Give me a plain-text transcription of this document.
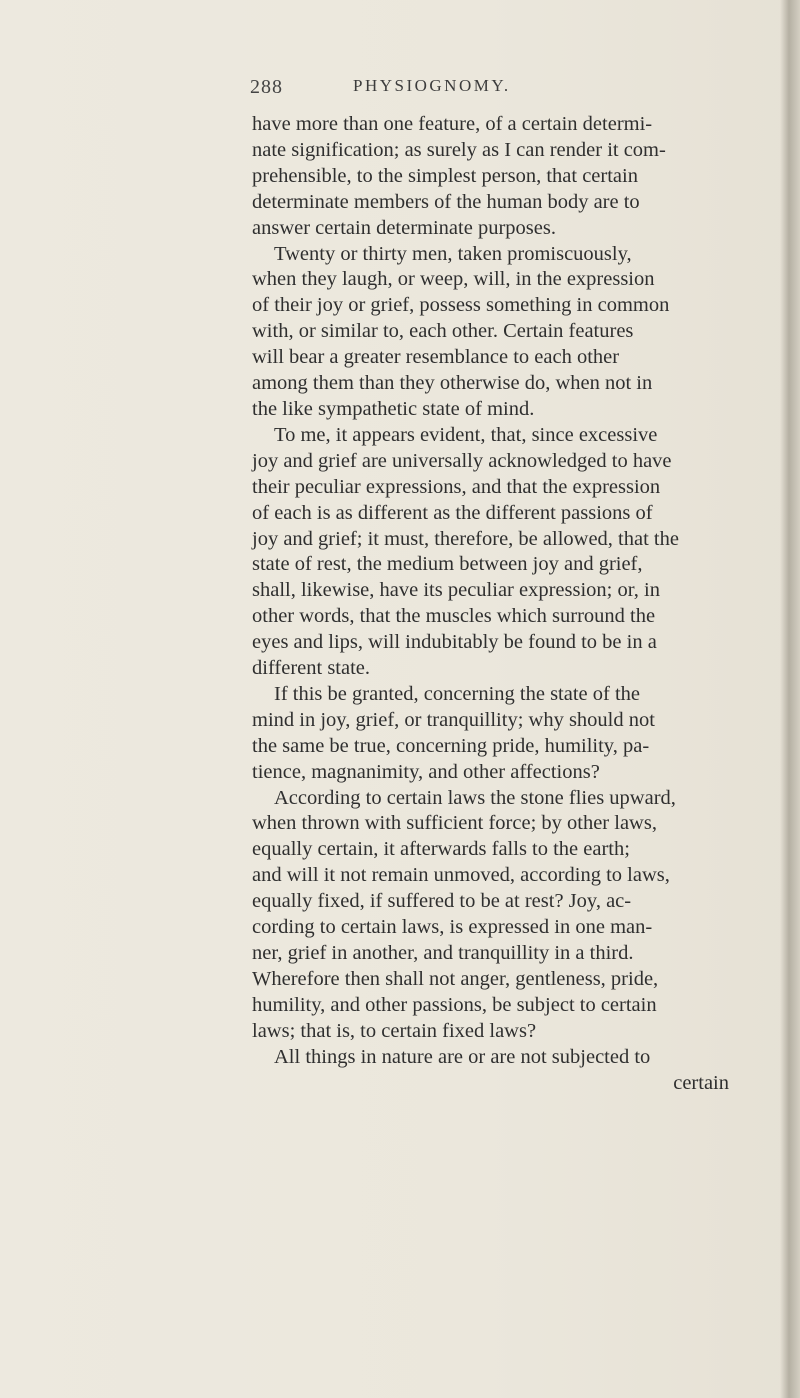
288	PHYSIOGNOMY.
have more than one feature, of a certain determi-
nate signification; as surely as I can render it com-
prehensible, to the simplest person, that certain
determinate members of the human body are to
answer certain determinate purposes.
Twenty or thirty men, taken promiscuously,
when they laugh, or weep, will, in the expression
of their joy or grief, possess something in common
with, or similar to, each other. Certain features
will bear a greater resemblance to each other
among them than they otherwise do, when not in
the like sympathetic state of mind.
To me, it appears evident, that, since excessive
joy and grief are universally acknowledged to have
their peculiar expressions, and that the expression
of each is as different as the different passions of
joy and grief; it must, therefore, be allowed, that the
state of rest, the medium between joy and grief,
shall, likewise, have its peculiar expression; or, in
other words, that the muscles which surround the
eyes and lips, will indubitably be found to be in a
different state.
If this be granted, concerning the state of the
mind in joy, grief, or tranquillity; why should not
the same be true, concerning pride, humility, pa-
tience, magnanimity, and other affections?
According to certain laws the stone flies upward,
when thrown with sufficient force; by other laws,
equally certain, it afterwards falls to the earth;
and will it not remain unmoved, according to laws,
equally fixed, if suffered to be at rest? Joy, ac-
cording to certain laws, is expressed in one man-
ner, grief in another, and tranquillity in a third.
Wherefore then shall not anger, gentleness, pride,
humility, and other passions, be subject to certain
laws; that is, to certain fixed laws?
All things in nature are or are not subjected to
certain
